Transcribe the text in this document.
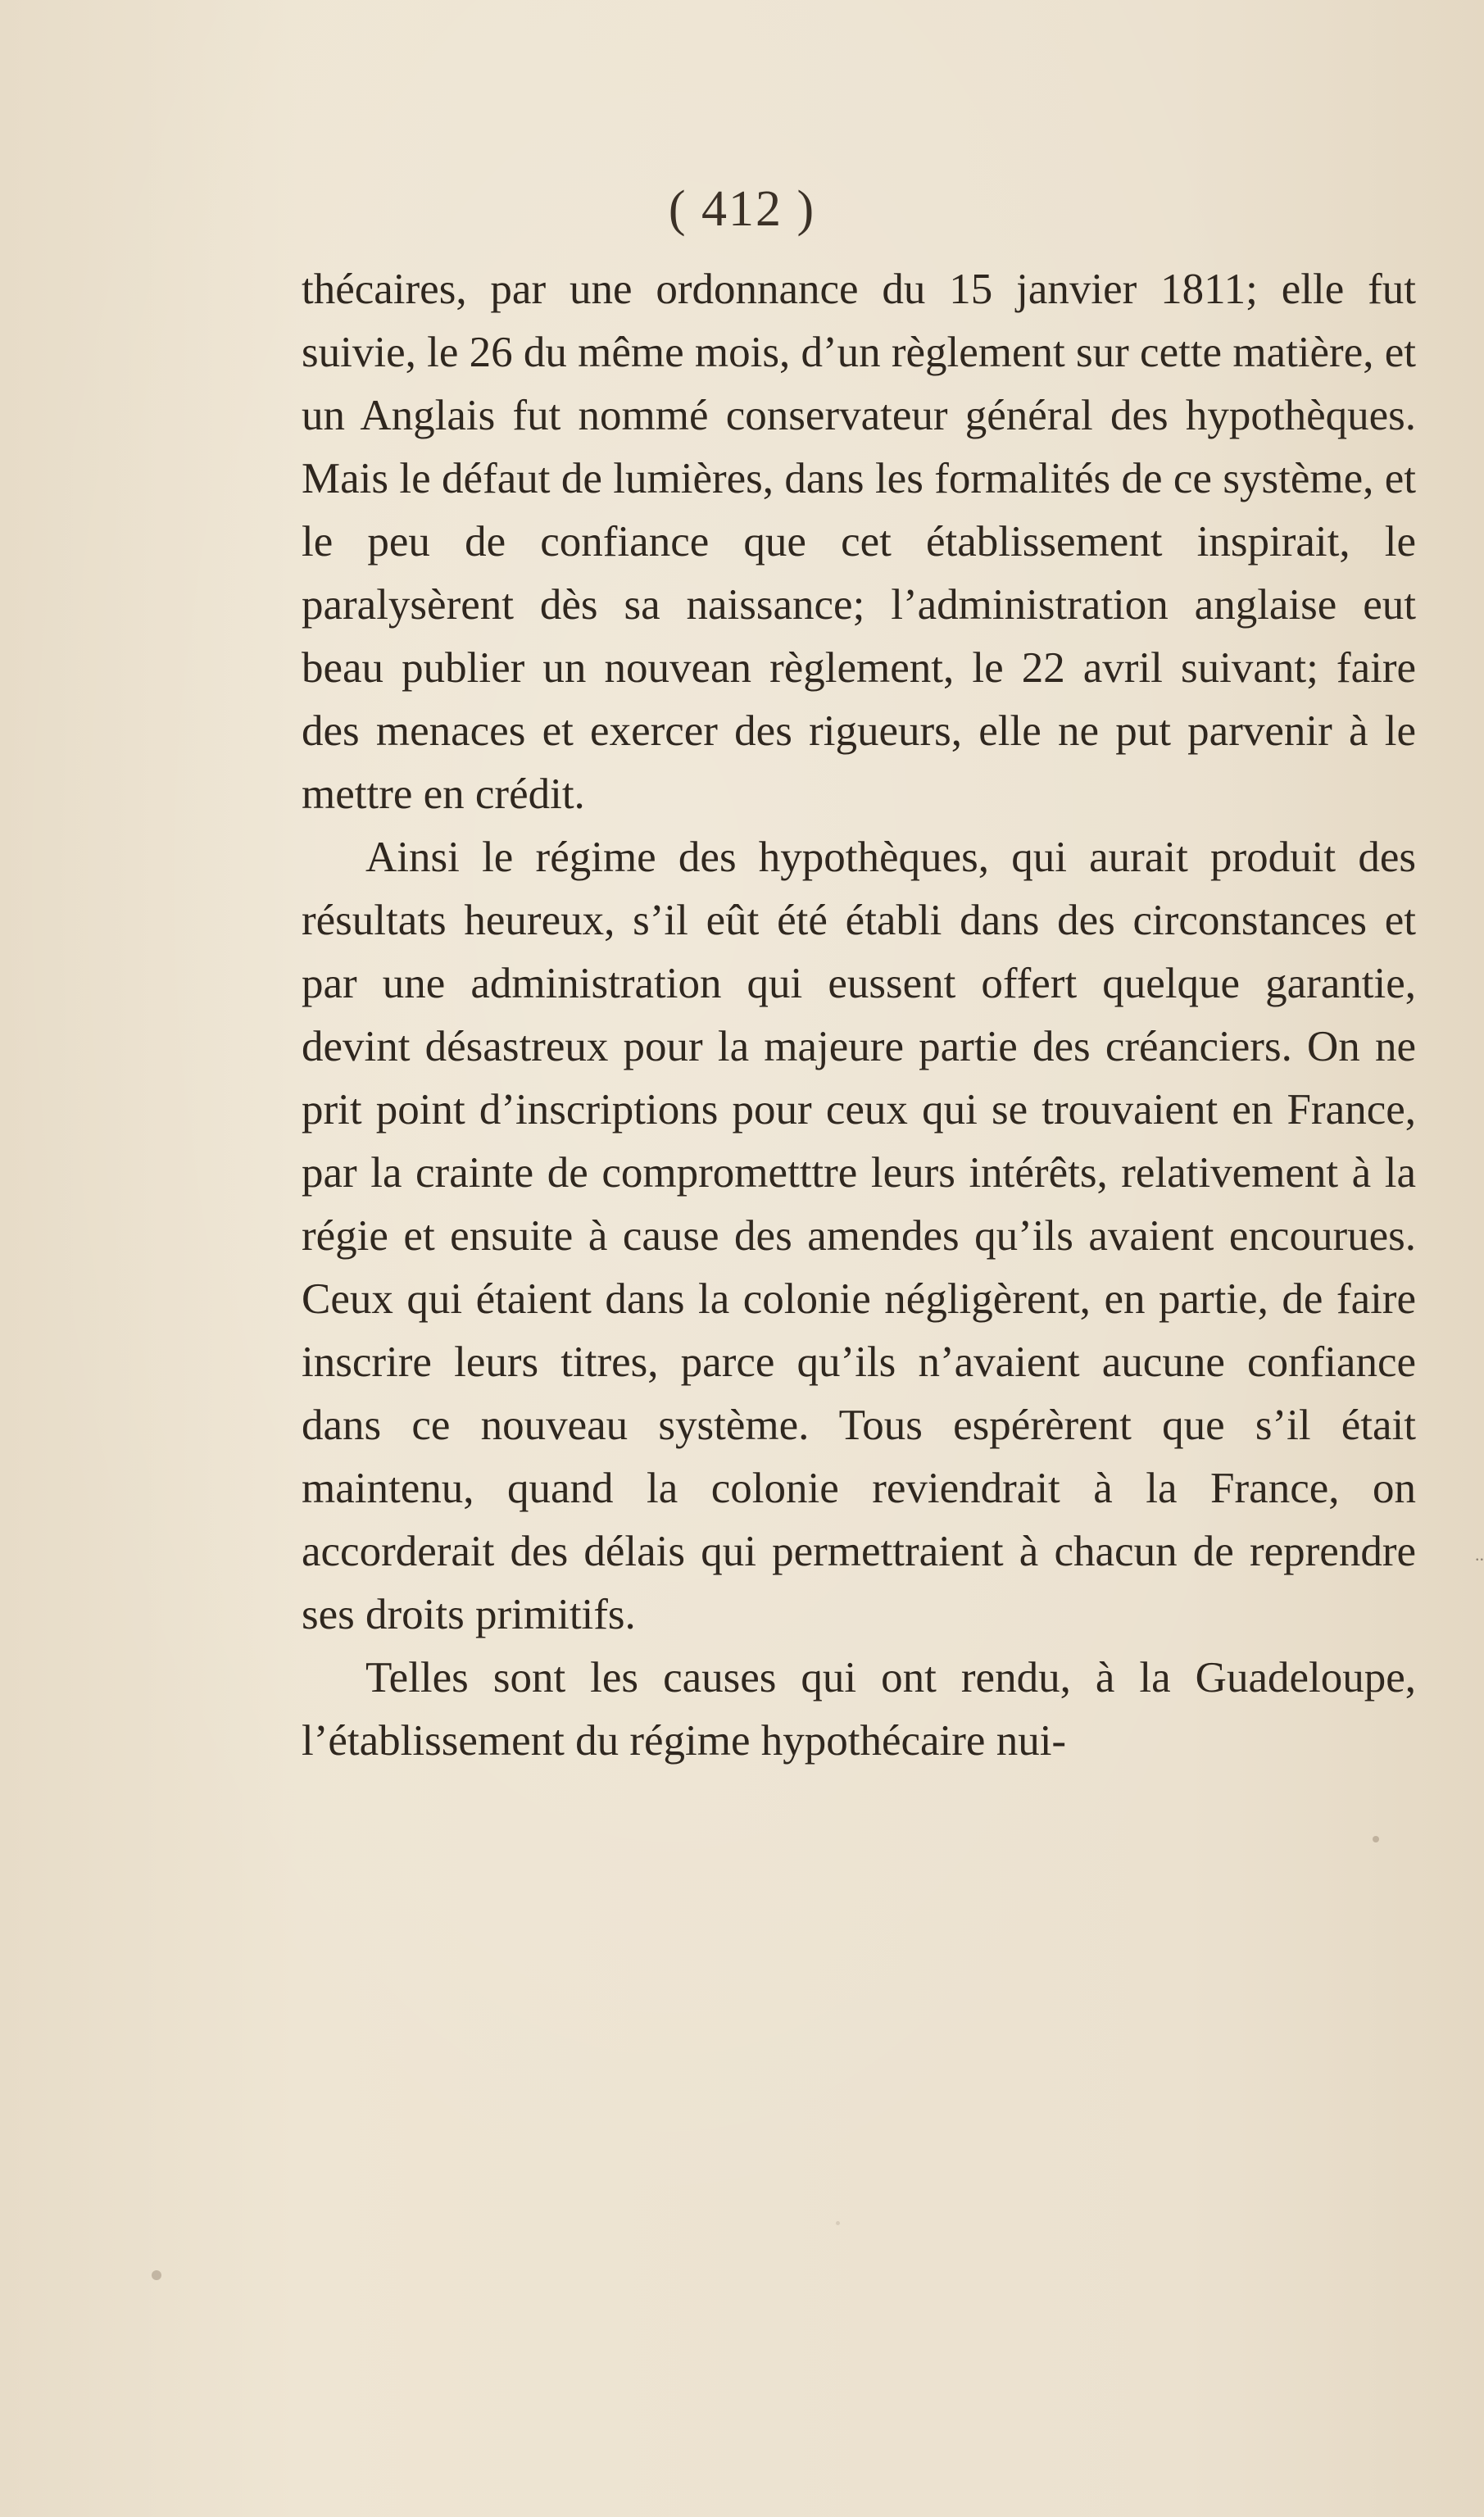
( 412 )

thécaires, par une ordonnance du 15 janvier 1811; elle fut suivie, le 26 du même mois, d’un règlement sur cette matière, et un Anglais fut nommé conservateur général des hypothèques. Mais le défaut de lumières, dans les formalités de ce système, et le peu de confiance que cet établissement inspirait, le paralysèrent dès sa naissance; l’administration anglaise eut beau publier un nouvean règlement, le 22 avril suivant; faire des menaces et exercer des rigueurs, elle ne put parvenir à le mettre en crédit.

Ainsi le régime des hypothèques, qui aurait produit des résultats heureux, s’il eût été établi dans des circonstances et par une administration qui eussent offert quelque garantie, devint désastreux pour la majeure partie des créanciers. On ne prit point d’inscriptions pour ceux qui se trouvaient en France, par la crainte de comprometttre leurs intérêts, relativement à la régie et ensuite à cause des amendes qu’ils avaient encourues. Ceux qui étaient dans la colonie négligèrent, en partie, de faire inscrire leurs titres, parce qu’ils n’avaient aucune confiance dans ce nouveau système. Tous espérèrent que s’il était maintenu, quand la colonie reviendrait à la France, on accorderait des délais qui permettraient à chacun de reprendre ses droits primitifs.

Telles sont les causes qui ont rendu, à la Guadeloupe, l’établissement du régime hypothécaire nui-

..
